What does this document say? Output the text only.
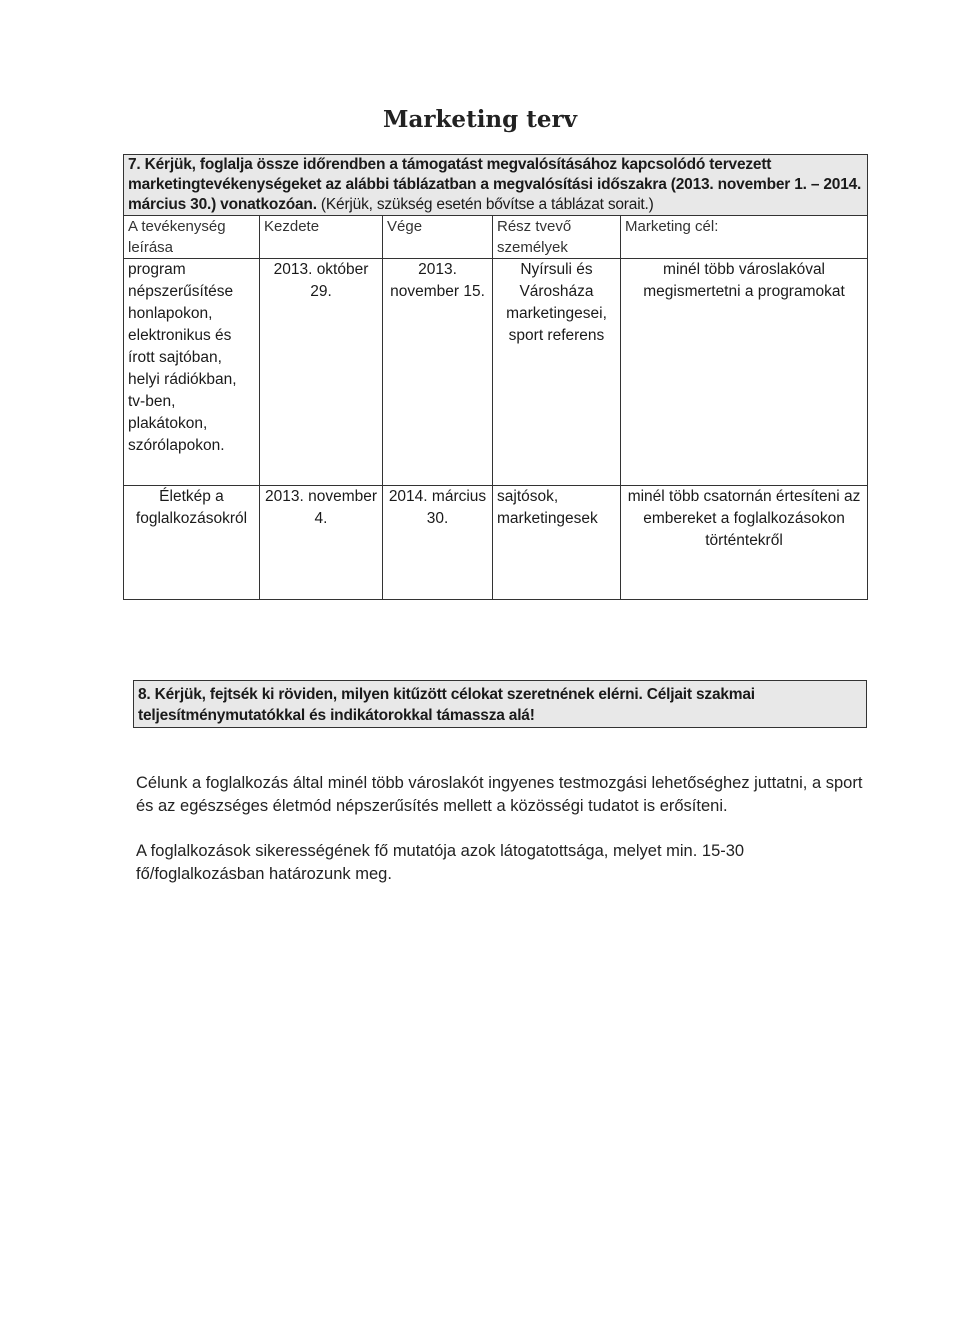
Marketing terv
7. Kérjük, foglalja össze időrendben a támogatást megvalósításához kapcsolódó tervezett marketingtevékenységeket az alábbi táblázatban a megvalósítási időszakra (2013. november 1. – 2014. március 30.) vonatkozóan. (Kérjük, szükség esetén bővítse a táblázat sorait.)				
A tevékenység leírása	Kezdete	Vége	Rész tvevő személyek	Marketing cél:
program népszerűsítése honlapokon, elektronikus és írott sajtóban, helyi rádiókban, tv-ben, plakátokon, szórólapokon.	2013. október 29.	2013. november 15.	Nyírsuli és Városháza marketingesei, sport referens	minél több városlakóval megismertetni a programokat
Életkép a foglalkozásokról	2013. november 4.	2014. március 30.	sajtósok, marketingesek	minél több csatornán értesíteni az embereket a foglalkozásokon történtekről
8. Kérjük, fejtsék ki röviden, milyen kitűzött célokat szeretnének elérni. Céljait szakmai teljesítménymutatókkal és indikátorokkal támassza alá!
Célunk a foglalkozás által minél több városlakót ingyenes testmozgási lehetőséghez juttatni, a sport és az egészséges életmód népszerűsítés mellett a közösségi tudatot is erősíteni.
A foglalkozások sikerességének fő mutatója azok látogatottsága, melyet min. 15-30 fő/foglalkozásban határozunk meg.
